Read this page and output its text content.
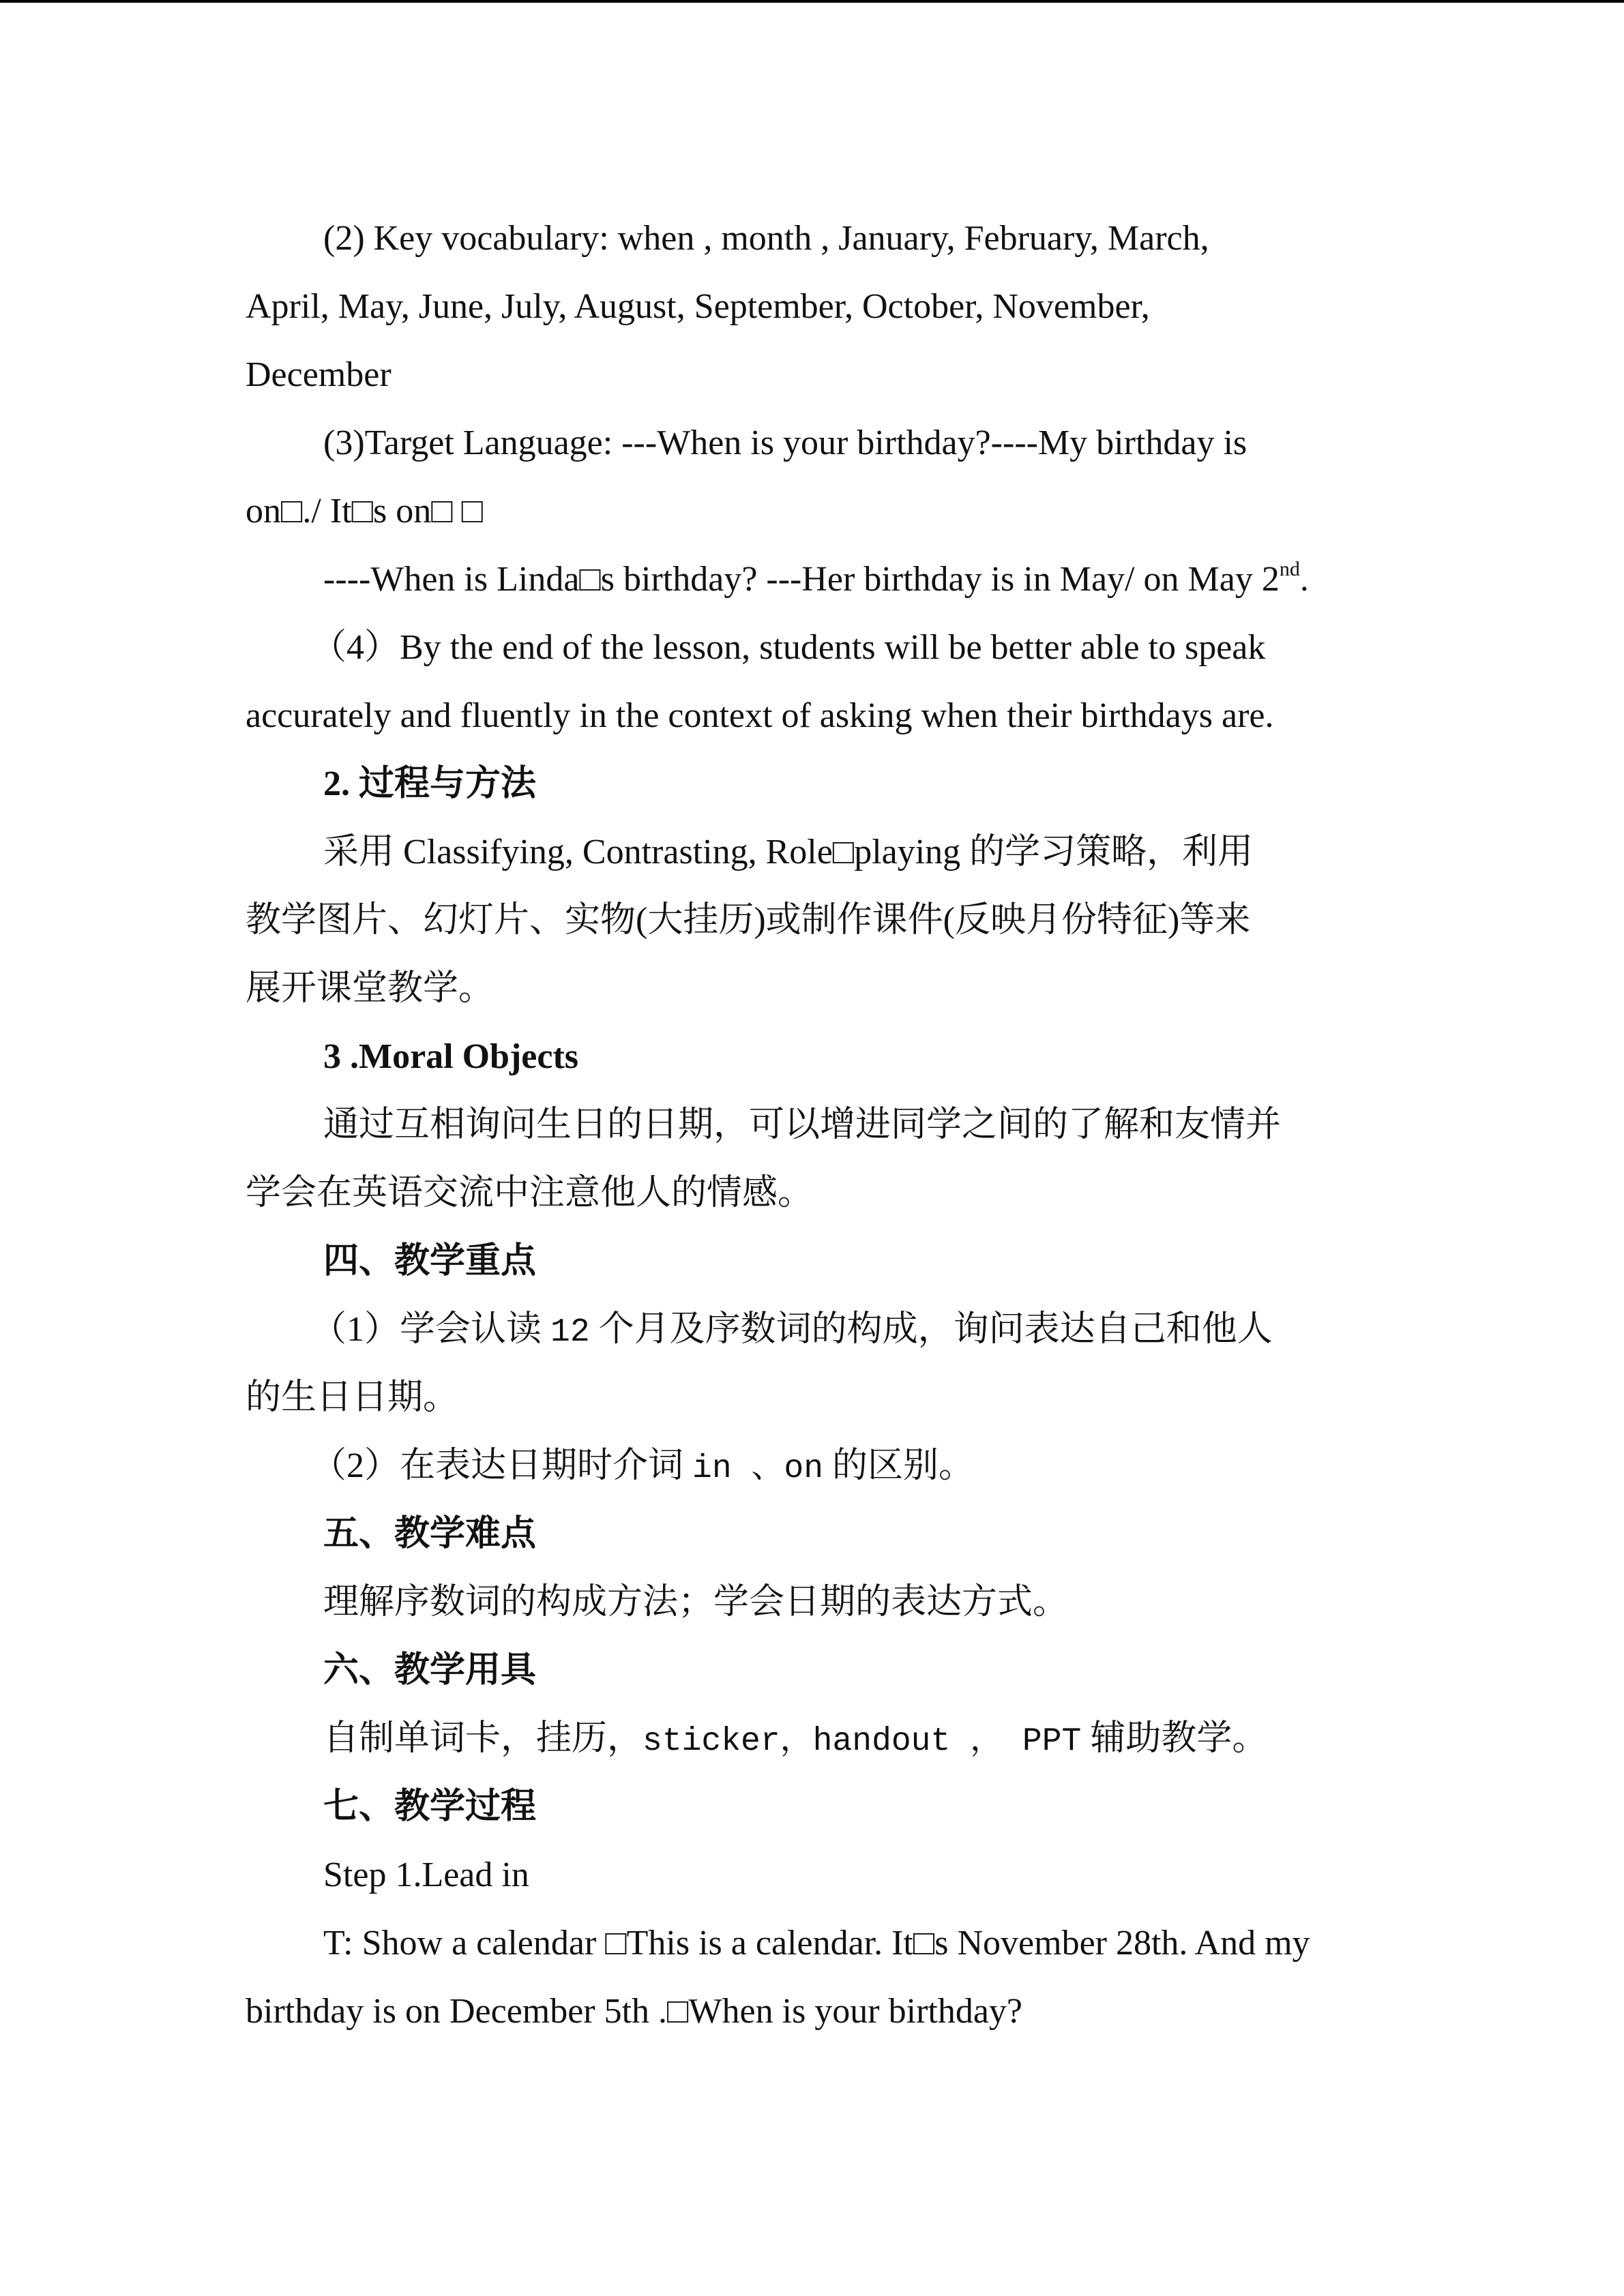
(2) Key vocabulary: when , month , January, February, March,
April, May, June, July, August, September, October, November,
December
(3)Target Language: ---When is your birthday?----My birthday is
on□./ It□s on□ □
----When is Linda□s birthday? ---Her birthday is in May/ on May 2nd.
（4）By the end of the lesson, students will be better able to speak
accurately and fluently in the context of asking when their birthdays are.
2. 过程与方法
采用 Classifying, Contrasting, Role□playing 的学习策略，利用
教学图片、幻灯片、实物(大挂历)或制作课件(反映月份特征)等来
展开课堂教学。
3 .Moral Objects
通过互相询问生日的日期，可以增进同学之间的了解和友情并
学会在英语交流中注意他人的情感。
四、教学重点
（1）学会认读 12 个月及序数词的构成，询问表达自己和他人
的生日日期。
（2）在表达日期时介词 in 、on 的区别。
五、教学难点
理解序数词的构成方法；学会日期的表达方式。
六、教学用具
自制单词卡，挂历，sticker，handout ， PPT 辅助教学。
七、教学过程
Step 1.Lead in
T: Show a calendar □This is a calendar. It□s November 28th. And my
birthday is on December 5th .□When is your birthday?
